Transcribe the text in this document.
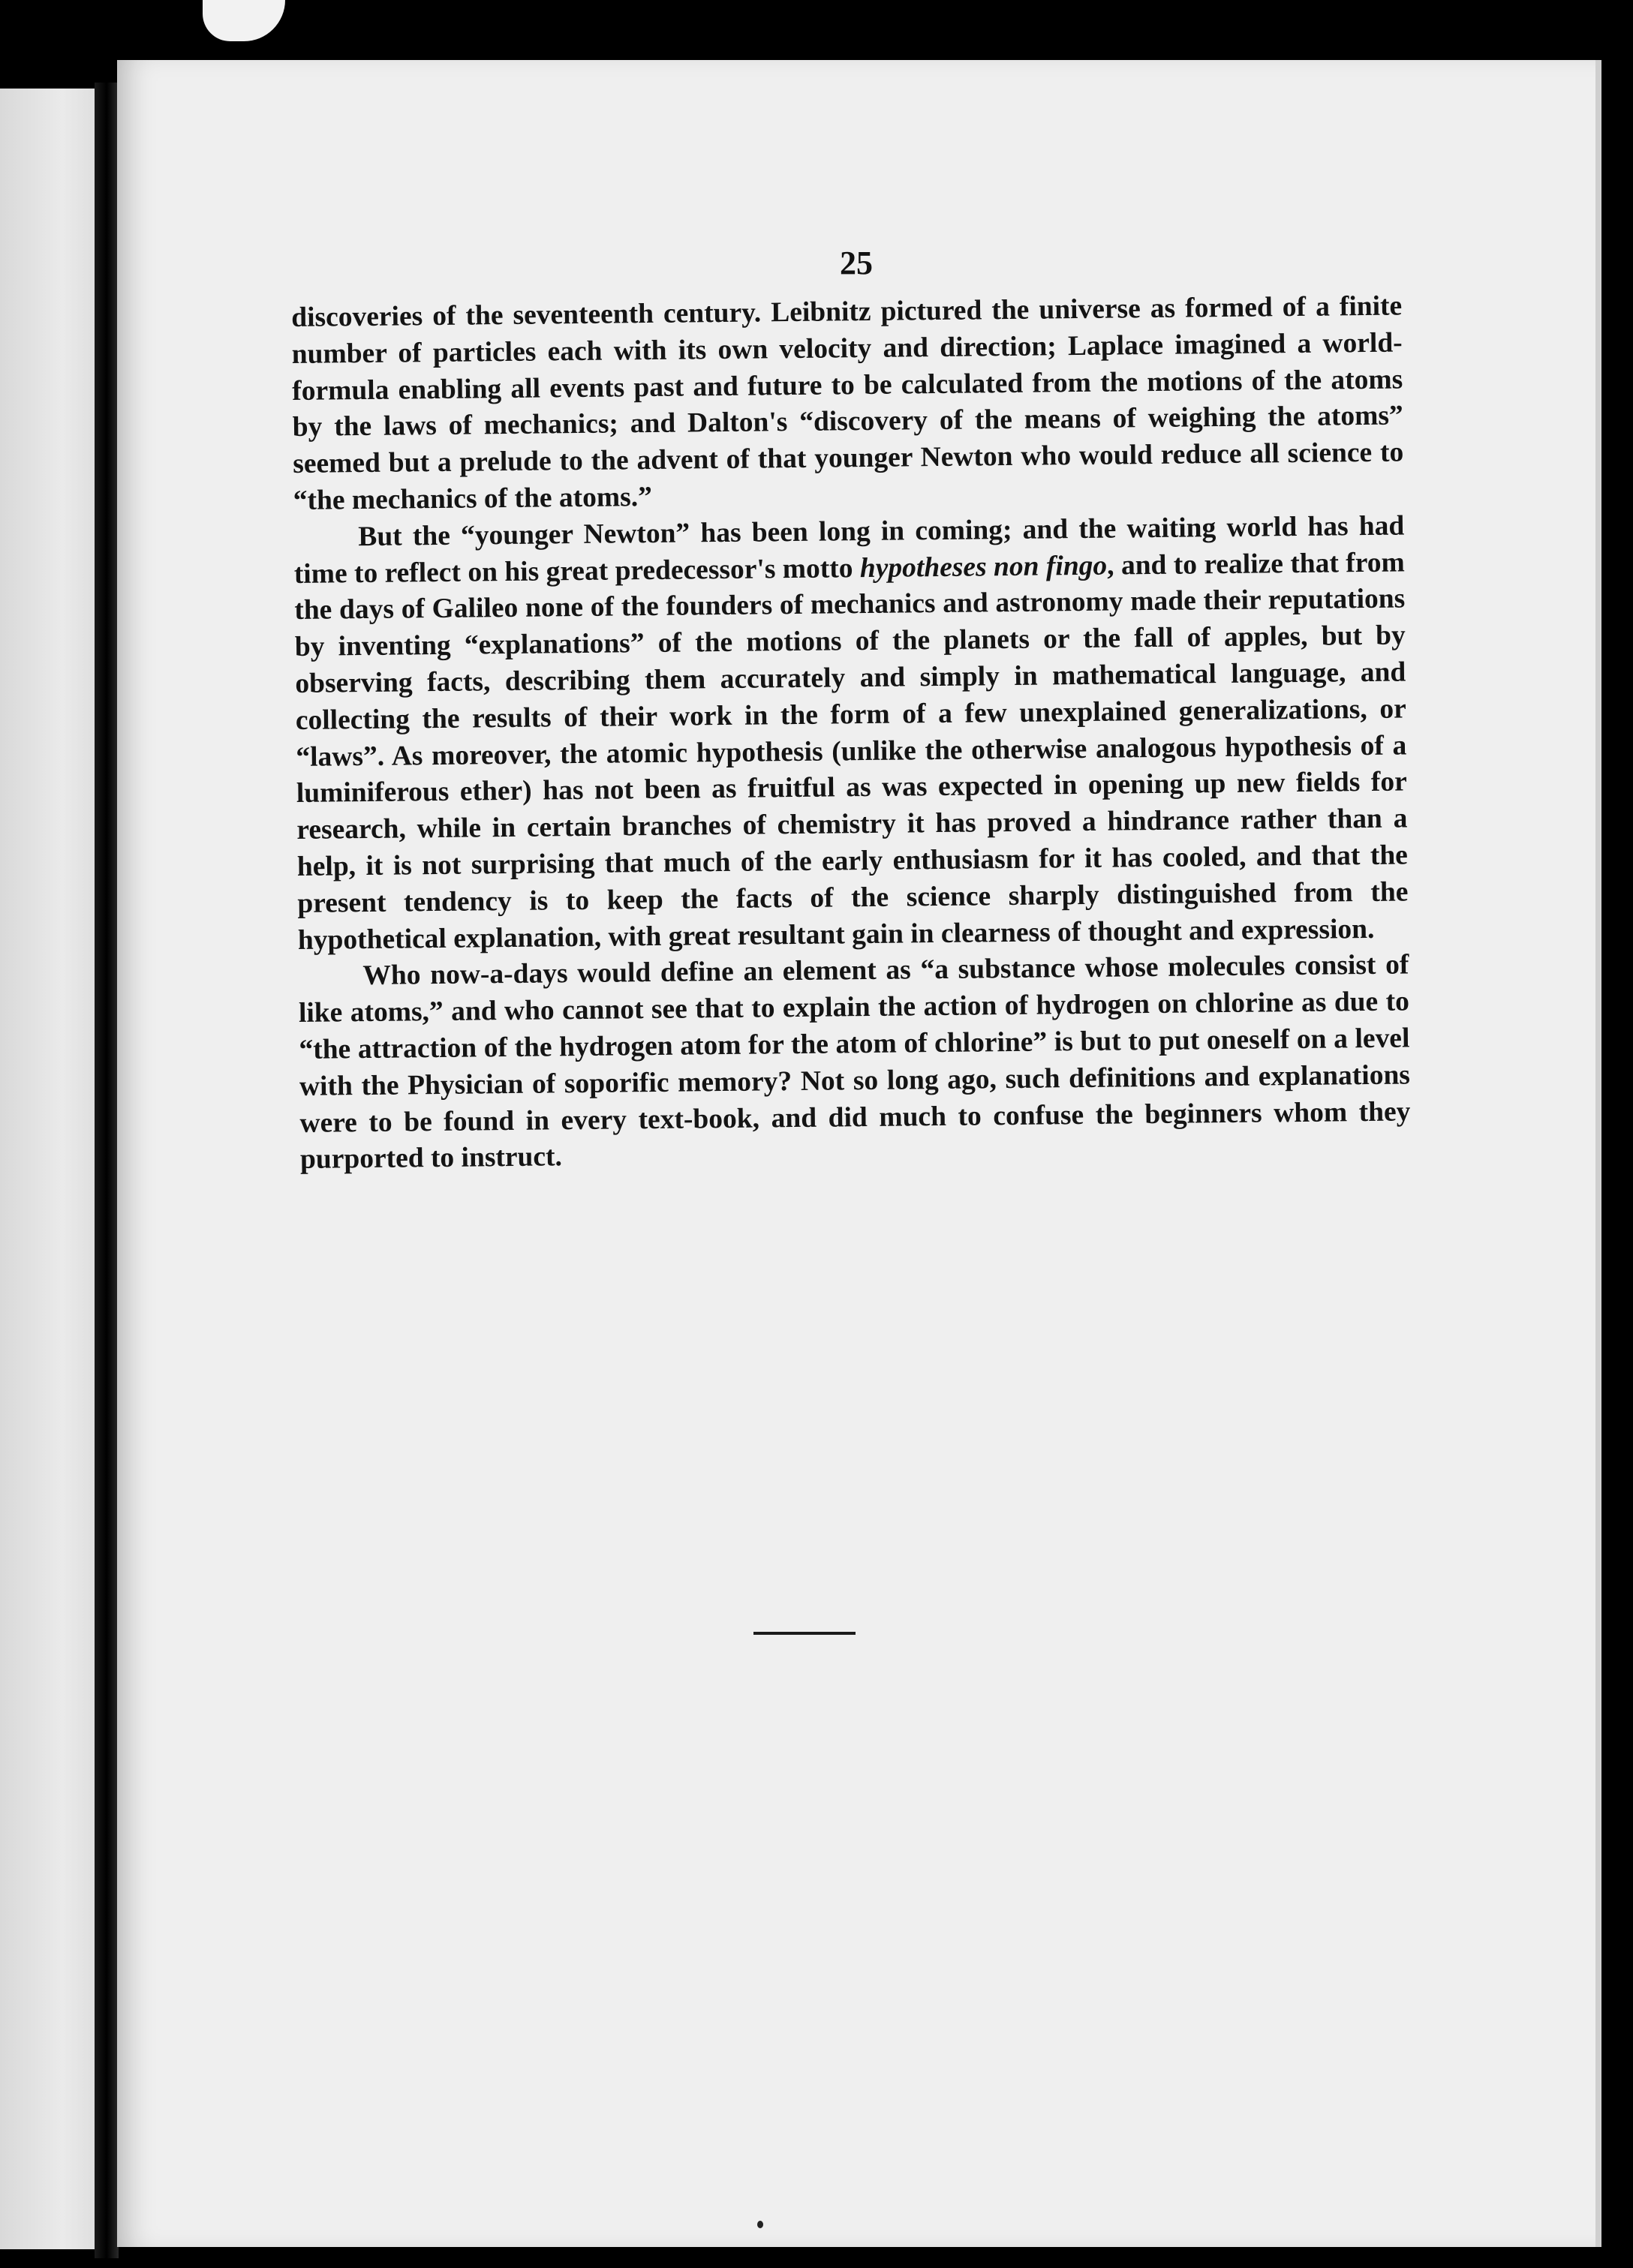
25

discoveries of the seventeenth century. Leibnitz pictured the universe as formed of a finite number of particles each with its own velocity and direction; Laplace imagined a world-formula enabling all events past and future to be calculated from the motions of the atoms by the laws of mechanics; and Dalton's “discovery of the means of weighing the atoms” seemed but a prelude to the advent of that younger Newton who would reduce all science to “the mechanics of the atoms.”

But the “younger Newton” has been long in coming; and the waiting world has had time to reflect on his great predecessor's motto hypotheses non fingo, and to realize that from the days of Galileo none of the founders of mechanics and astronomy made their reputations by inventing “explanations” of the motions of the planets or the fall of apples, but by observing facts, describing them accurately and simply in mathematical language, and collecting the results of their work in the form of a few unexplained generalizations, or “laws”. As moreover, the atomic hypothesis (unlike the otherwise analogous hypothesis of a luminiferous ether) has not been as fruitful as was expected in opening up new fields for research, while in certain branches of chemistry it has proved a hindrance rather than a help, it is not surprising that much of the early enthusiasm for it has cooled, and that the present tendency is to keep the facts of the science sharply distinguished from the hypothetical explanation, with great resultant gain in clearness of thought and expression.

Who now-a-days would define an element as “a substance whose molecules consist of like atoms,” and who cannot see that to explain the action of hydrogen on chlorine as due to “the attraction of the hydrogen atom for the atom of chlorine” is but to put oneself on a level with the Physician of soporific memory? Not so long ago, such definitions and explanations were to be found in every text-book, and did much to confuse the beginners whom they purported to instruct.
